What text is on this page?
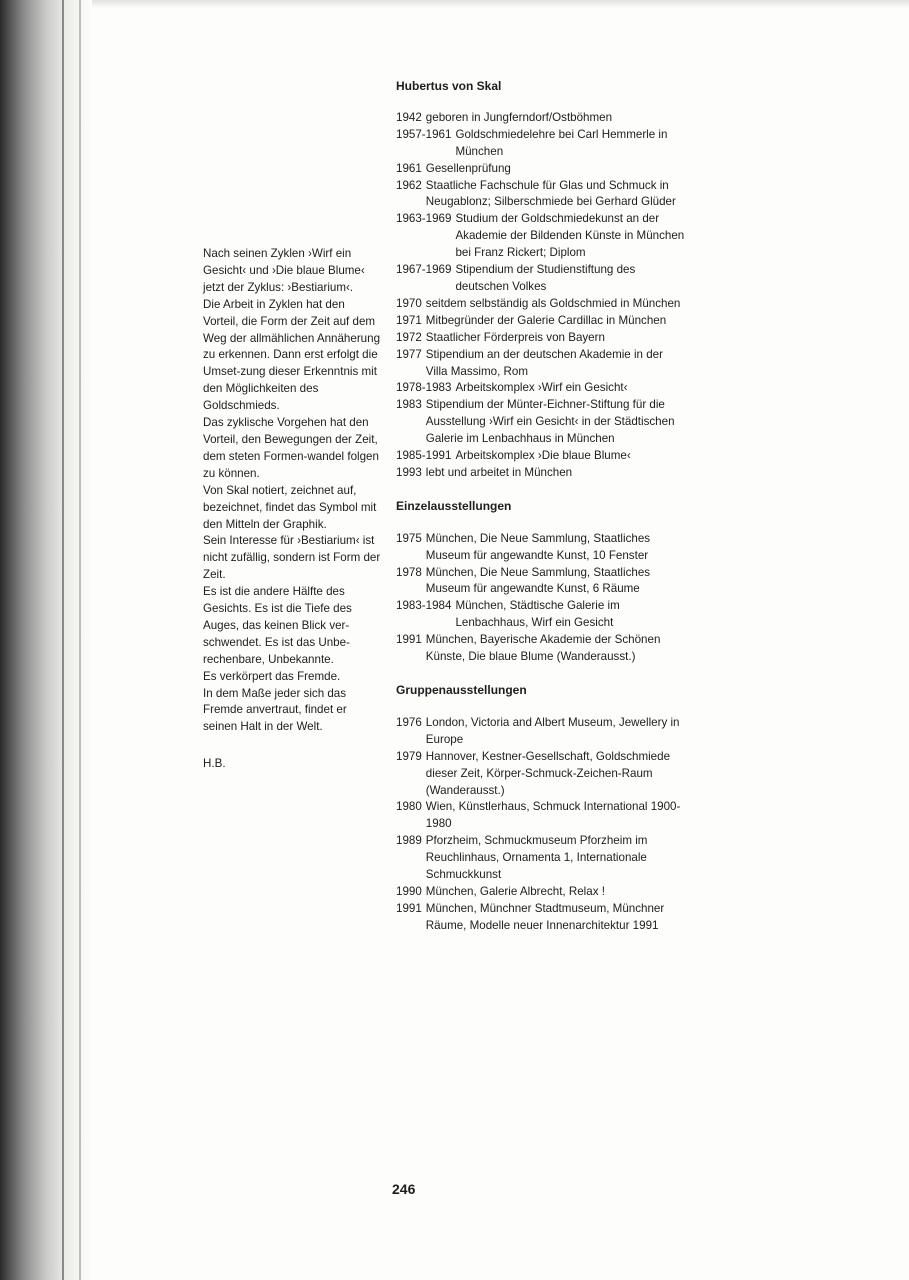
Nach seinen Zyklen ›Wirf ein Gesicht‹ und ›Die blaue Blume‹ jetzt der Zyklus: ›Bestiarium‹.

Die Arbeit in Zyklen hat den Vorteil, die Form der Zeit auf dem Weg der allmählichen Annäherung zu erkennen. Dann erst erfolgt die Umset-zung dieser Erkenntnis mit den Möglichkeiten des Goldschmieds.

Das zyklische Vorgehen hat den Vorteil, den Bewegungen der Zeit, dem steten Formen-wandel folgen zu können.

Von Skal notiert, zeichnet auf, bezeichnet, findet das Symbol mit den Mitteln der Graphik.

Sein Interesse für ›Bestiarium‹ ist nicht zufällig, sondern ist Form der Zeit.

Es ist die andere Hälfte des Gesichts. Es ist die Tiefe des Auges, das keinen Blick ver-schwendet. Es ist das Unbe-rechenbare, Unbekannte.

Es verkörpert das Fremde.

In dem Maße jeder sich das Fremde anvertraut, findet er seinen Halt in der Welt.

H.B.

Hubertus von Skal
1942 geboren in Jungferndorf/Ostböhmen
1957-1961 Goldschmiedelehre bei Carl Hemmerle in München
1961 Gesellenprüfung
1962 Staatliche Fachschule für Glas und Schmuck in Neugablonz; Silberschmiede bei Gerhard Glüder
1963-1969 Studium der Goldschmiedekunst an der Akademie der Bildenden Künste in München bei Franz Rickert; Diplom
1967-1969 Stipendium der Studienstiftung des deutschen Volkes
1970 seitdem selbständig als Goldschmied in München
1971 Mitbegründer der Galerie Cardillac in München
1972 Staatlicher Förderpreis von Bayern
1977 Stipendium an der deutschen Akademie in der Villa Massimo, Rom
1978-1983 Arbeitskomplex ›Wirf ein Gesicht‹
1983 Stipendium der Münter-Eichner-Stiftung für die Ausstellung ›Wirf ein Gesicht‹ in der Städtischen Galerie im Lenbachhaus in München
1985-1991 Arbeitskomplex ›Die blaue Blume‹
1993 lebt und arbeitet in München
Einzelausstellungen
1975 München, Die Neue Sammlung, Staatliches Museum für angewandte Kunst, 10 Fenster
1978 München, Die Neue Sammlung, Staatliches Museum für angewandte Kunst, 6 Räume
1983-1984 München, Städtische Galerie im Lenbachhaus, Wirf ein Gesicht
1991 München, Bayerische Akademie der Schönen Künste, Die blaue Blume (Wanderausst.)
Gruppenausstellungen
1976 London, Victoria and Albert Museum, Jewellery in Europe
1979 Hannover, Kestner-Gesellschaft, Goldschmiede dieser Zeit, Körper-Schmuck-Zeichen-Raum (Wanderausst.)
1980 Wien, Künstlerhaus, Schmuck International 1900-1980
1989 Pforzheim, Schmuckmuseum Pforzheim im Reuchlinhaus, Ornamenta 1, Internationale Schmuckkunst
1990 München, Galerie Albrecht, Relax !
1991 München, Münchner Stadtmuseum, Münchner Räume, Modelle neuer Innenarchitektur 1991
246
